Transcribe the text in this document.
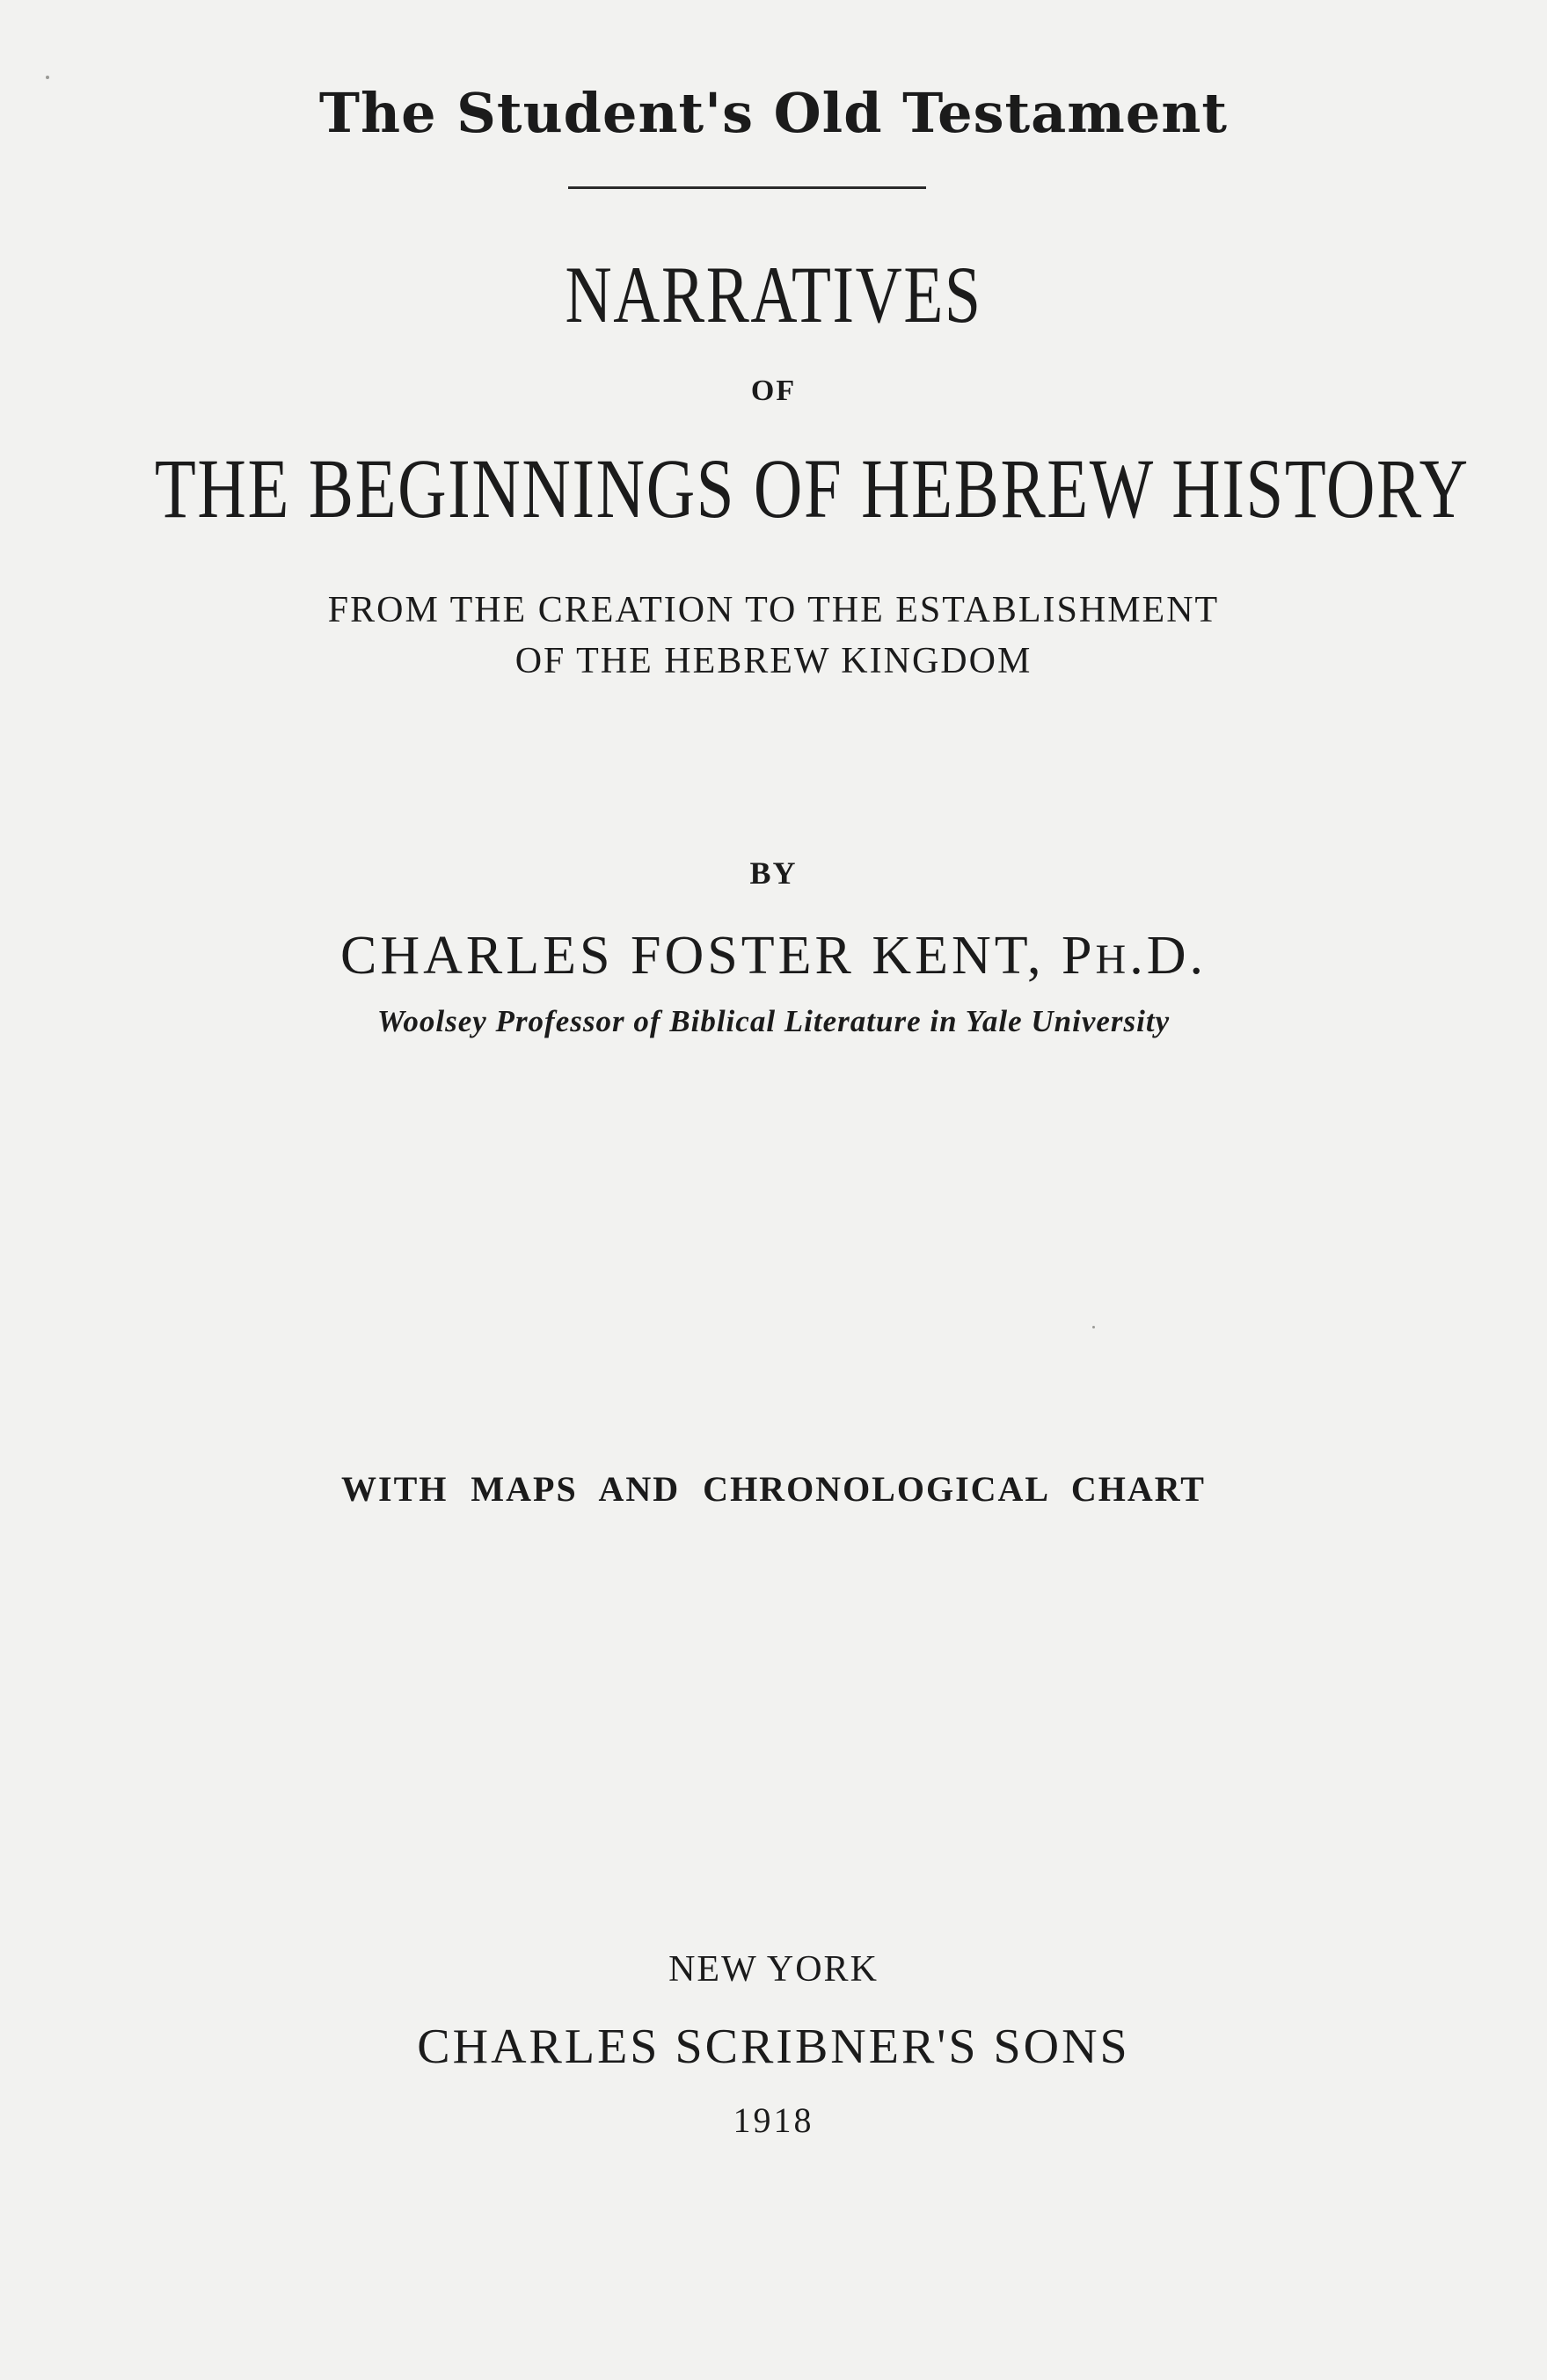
The Student's Old Testament
NARRATIVES
OF
THE BEGINNINGS OF HEBREW HISTORY
FROM THE CREATION TO THE ESTABLISHMENT
OF THE HEBREW KINGDOM
BY
CHARLES FOSTER KENT, PH.D.
Woolsey Professor of Biblical Literature in Yale University
WITH MAPS AND CHRONOLOGICAL CHART
NEW YORK
CHARLES SCRIBNER'S SONS
1918
